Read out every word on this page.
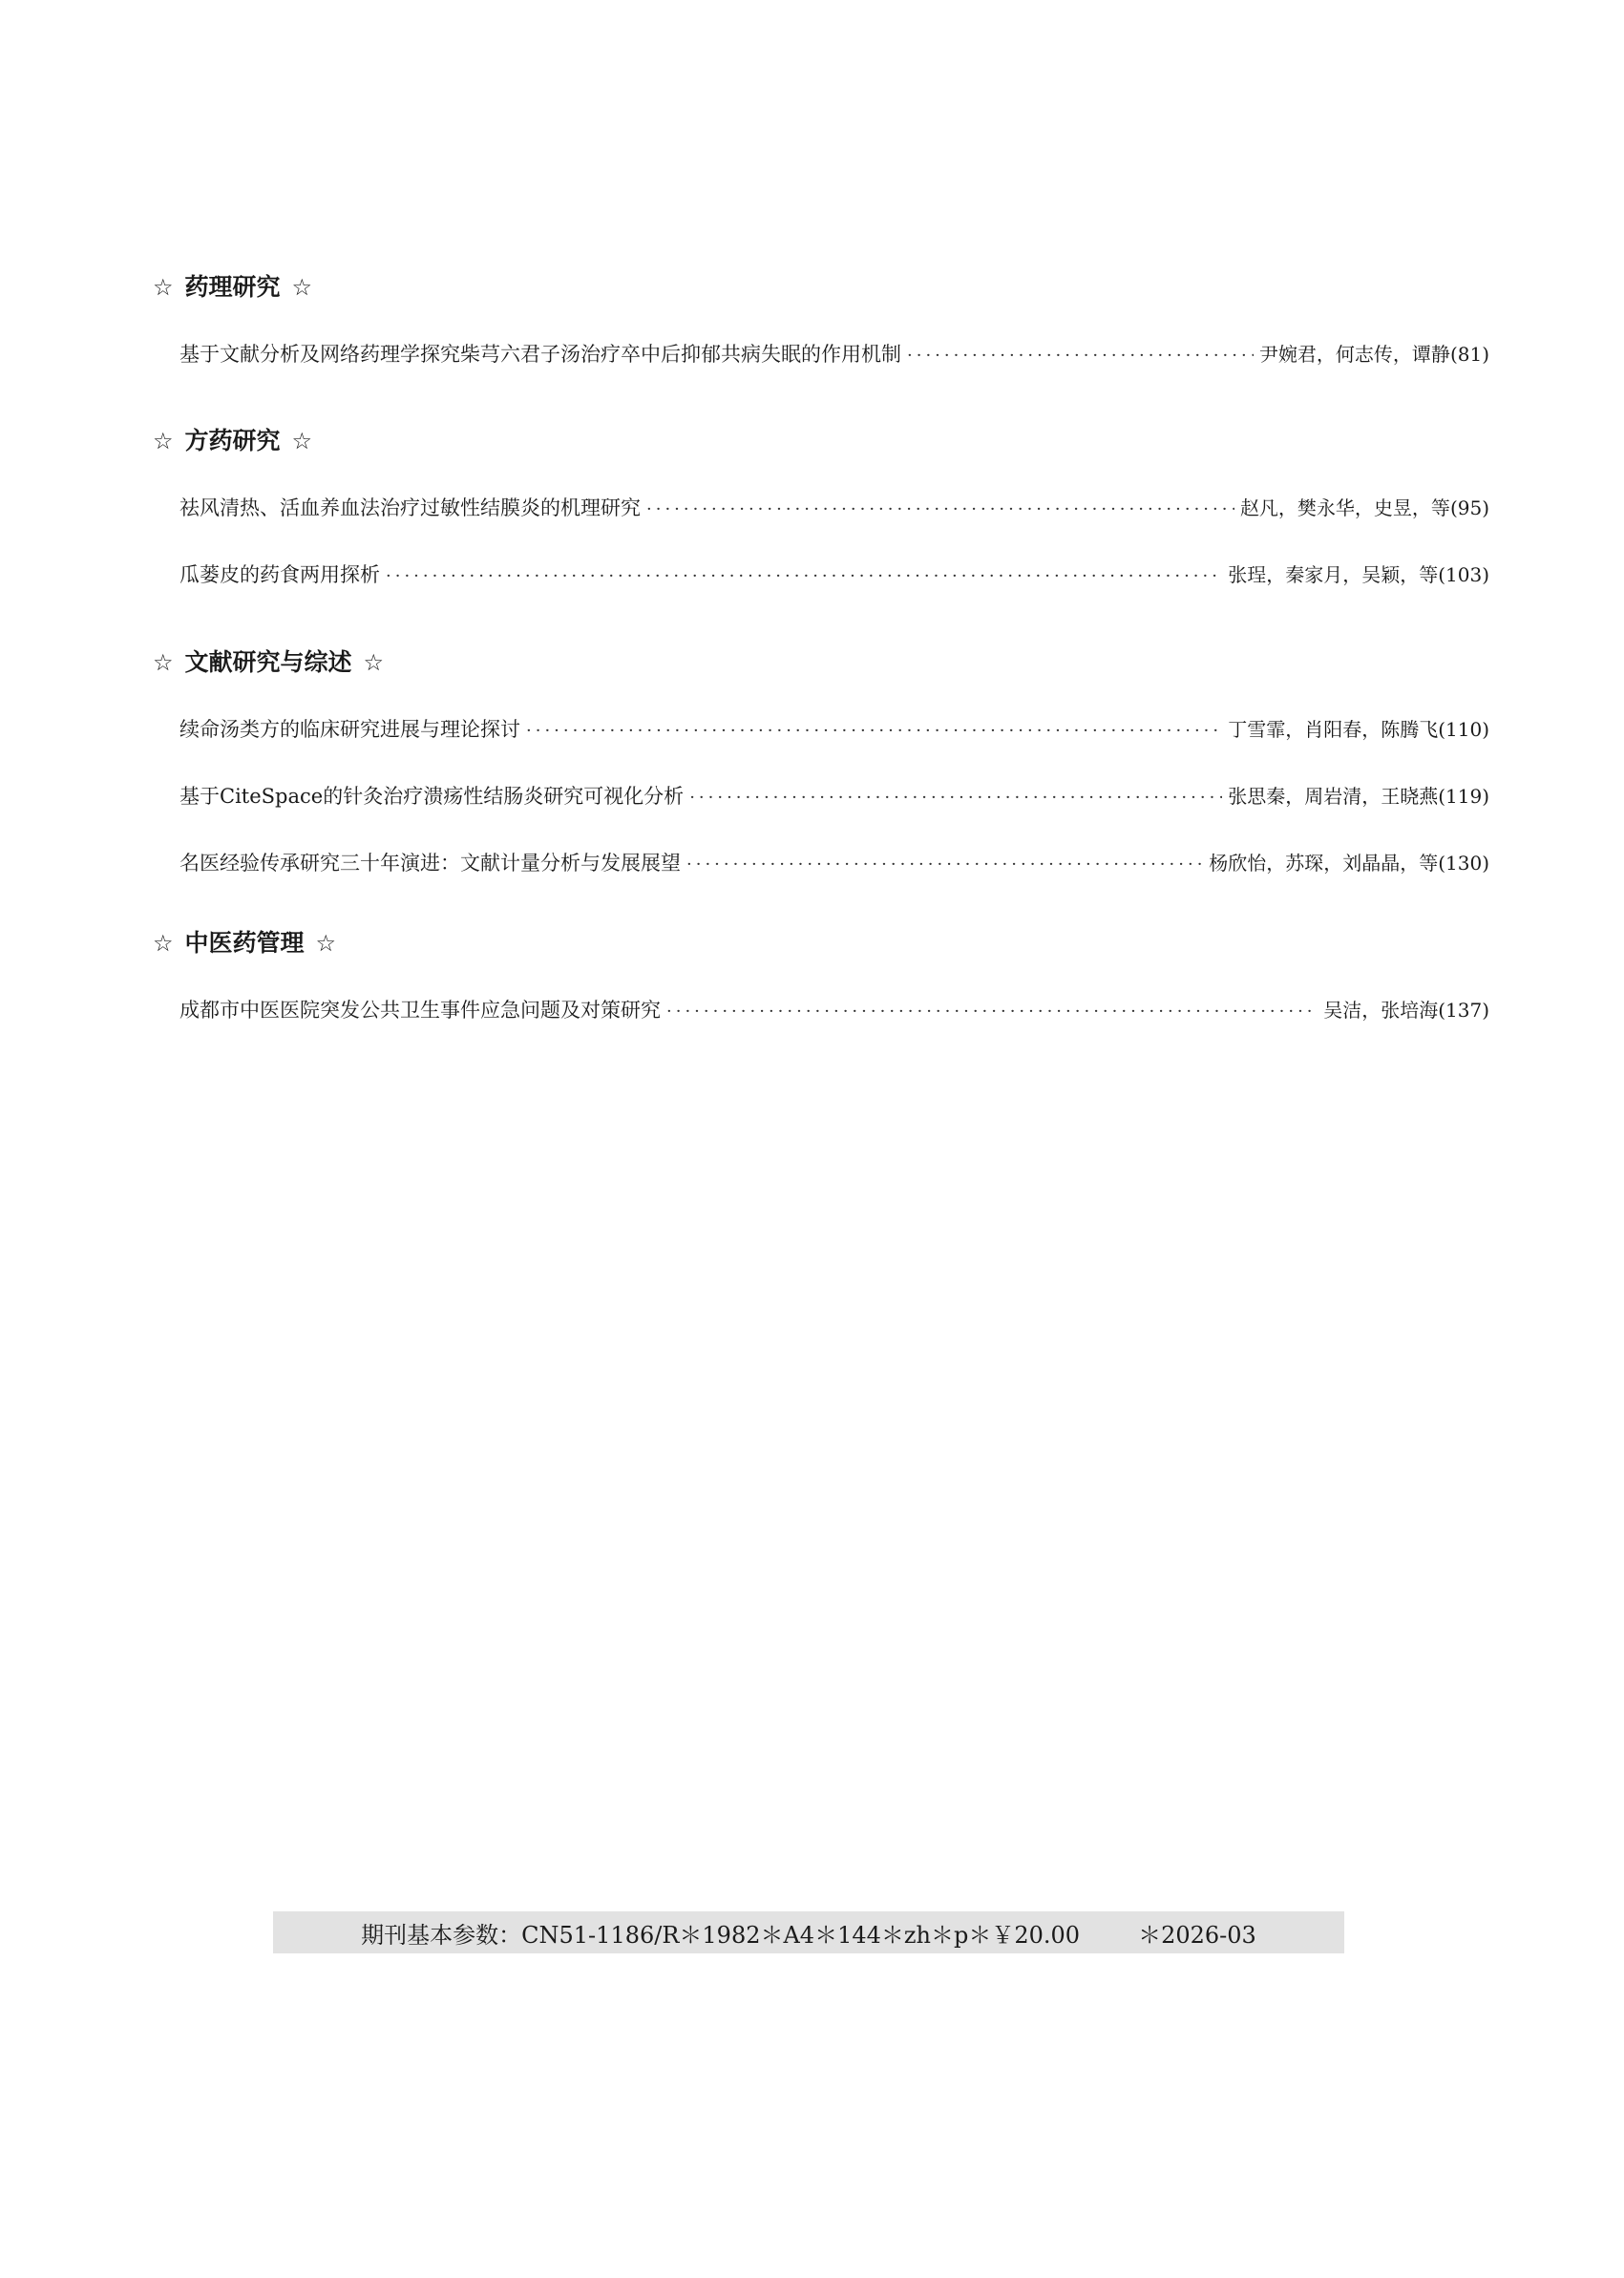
☆ 药理研究 ☆
基于文献分析及网络药理学探究柴芎六君子汤治疗卒中后抑郁共病失眠的作用机制 ·····	尹婉君，何志传，谭静 (81)
☆ 方药研究 ☆
祛风清热、活血养血法治疗过敏性结膜炎的机理研究 ·····	赵凡，樊永华，史昱，等 (95)
瓜蒌皮的药食两用探析 ·····	张珵，秦家月，吴颖，等 (103)
☆ 文献研究与综述 ☆
续命汤类方的临床研究进展与理论探讨 ·····	丁雪霏，肖阳春，陈腾飞 (110)
基于CiteSpace的针灸治疗溃疡性结肠炎研究可视化分析 ·····	张思秦，周岩清，王晓燕 (119)
名医经验传承研究三十年演进：文献计量分析与发展展望 ·····	杨欣怡，苏琛，刘晶晶，等 (130)
☆ 中医药管理 ☆
成都市中医医院突发公共卫生事件应急问题及对策研究 ·····	吴洁，张培海 (137)
期刊基本参数： CN51-1186/R＊1982＊A4＊144＊zh＊p＊￥20.00
	＊2026-03
